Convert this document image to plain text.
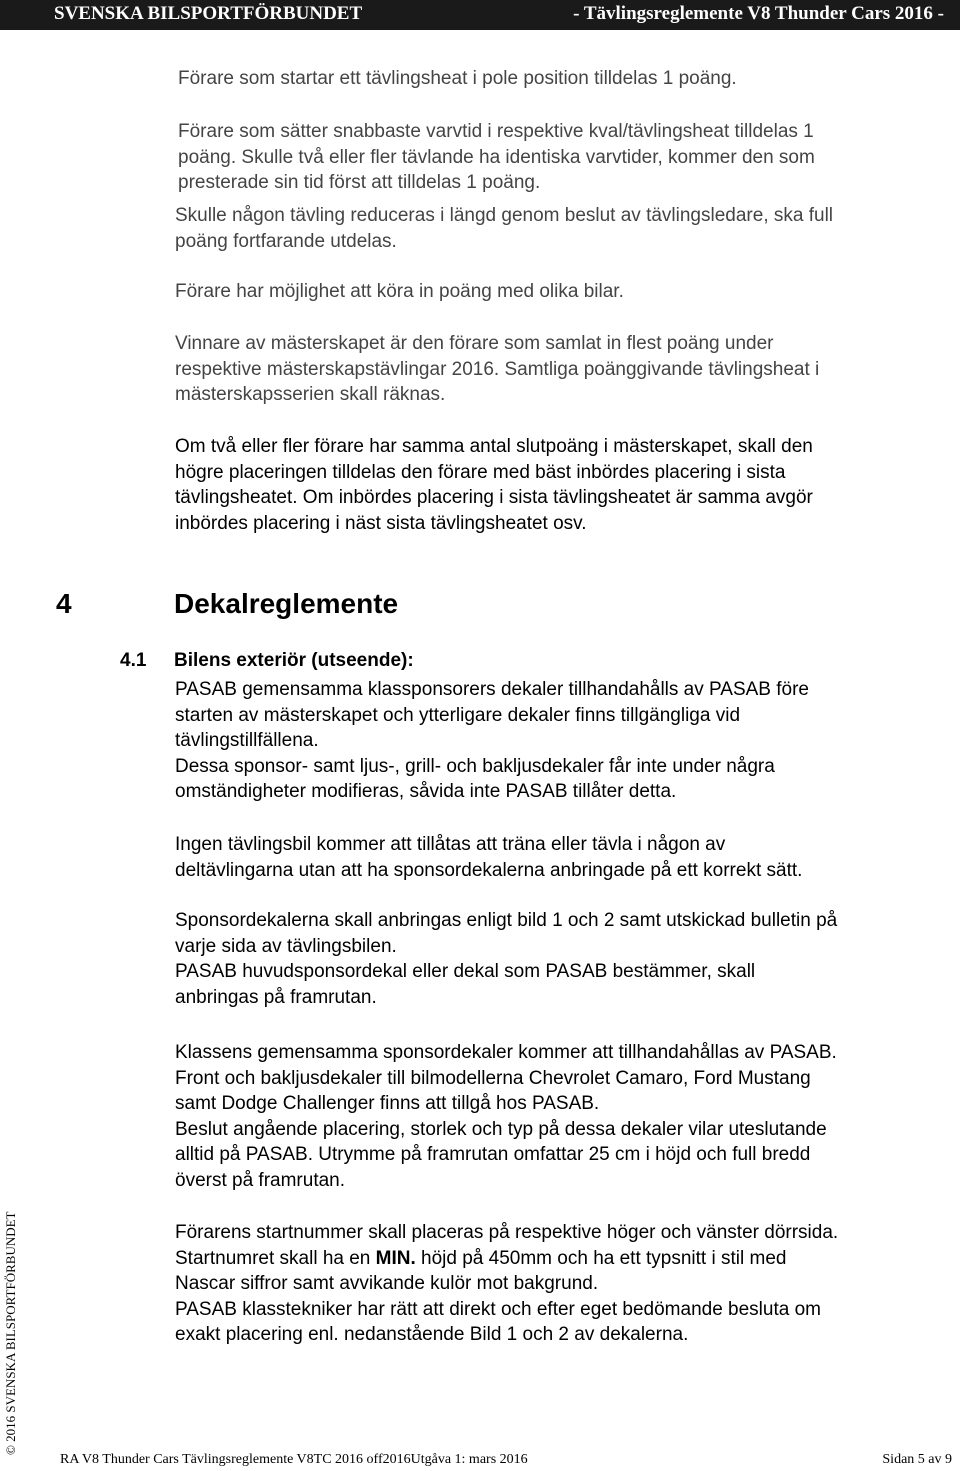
SVENSKA BILSPORTFÖRBUNDET	- Tävlingsreglemente V8 Thunder Cars 2016 -
Förare som startar ett tävlingsheat i pole position tilldelas 1 poäng.
Förare som sätter snabbaste varvtid i respektive kval/tävlingsheat tilldelas 1
poäng. Skulle två eller fler tävlande ha identiska varvtider, kommer den som
presterade sin tid först att tilldelas 1 poäng.
Skulle någon tävling reduceras i längd genom beslut av tävlingsledare, ska full
poäng fortfarande utdelas.
Förare har möjlighet att köra in poäng med olika bilar.
Vinnare av mästerskapet är den förare som samlat in flest poäng under
respektive mästerskapstävlingar 2016. Samtliga poänggivande tävlingsheat i
mästerskapsserien skall räknas.
Om två eller fler förare har samma antal slutpoäng i mästerskapet, skall den
högre placeringen tilldelas den förare med bäst inbördes placering i sista
tävlingsheatet. Om inbördes placering i sista tävlingsheatet är samma avgör
inbördes placering i näst sista tävlingsheatet osv.
4	Dekalreglemente
4.1 Bilens exteriör (utseende):
PASAB gemensamma klassponsorers dekaler tillhandahålls av PASAB före
starten av mästerskapet och ytterligare dekaler finns tillgängliga vid
tävlingstillfällena.
Dessa sponsor- samt ljus-, grill- och bakljusdekaler får inte under några
omständigheter modifieras, såvida inte PASAB tillåter detta.
Ingen tävlingsbil kommer att tillåtas att träna eller tävla i någon av
deltävlingarna utan att ha sponsordekalerna anbringade på ett korrekt sätt.
Sponsordekalerna skall anbringas enligt bild 1 och 2 samt utskickad bulletin på
varje sida av tävlingsbilen.
PASAB huvudsponsordekal eller dekal som PASAB bestämmer, skall
anbringas på framrutan.
Klassens gemensamma sponsordekaler kommer att tillhandahållas av PASAB.
Front och bakljusdekaler till bilmodellerna Chevrolet Camaro, Ford Mustang
samt Dodge Challenger finns att tillgå hos PASAB.
Beslut angående placering, storlek och typ på dessa dekaler vilar uteslutande
alltid på PASAB. Utrymme på framrutan omfattar 25 cm i höjd och full bredd
överst på framrutan.
Förarens startnummer skall placeras på respektive höger och vänster dörrsida.
Startnumret skall ha en MIN. höjd på 450mm och ha ett typsnitt i stil med
Nascar siffror samt avvikande kulör mot bakgrund.
PASAB klasstekniker har rätt att direkt och efter eget bedömande besluta om
exakt placering enl. nedanstående Bild 1 och 2 av dekalerna.
© 2016 SVENSKA BILSPORTFÖRBUNDET
RA V8 Thunder Cars Tävlingsreglemente V8TC 2016 off2016Utgåva 1: mars 2016	Sidan 5 av 9
